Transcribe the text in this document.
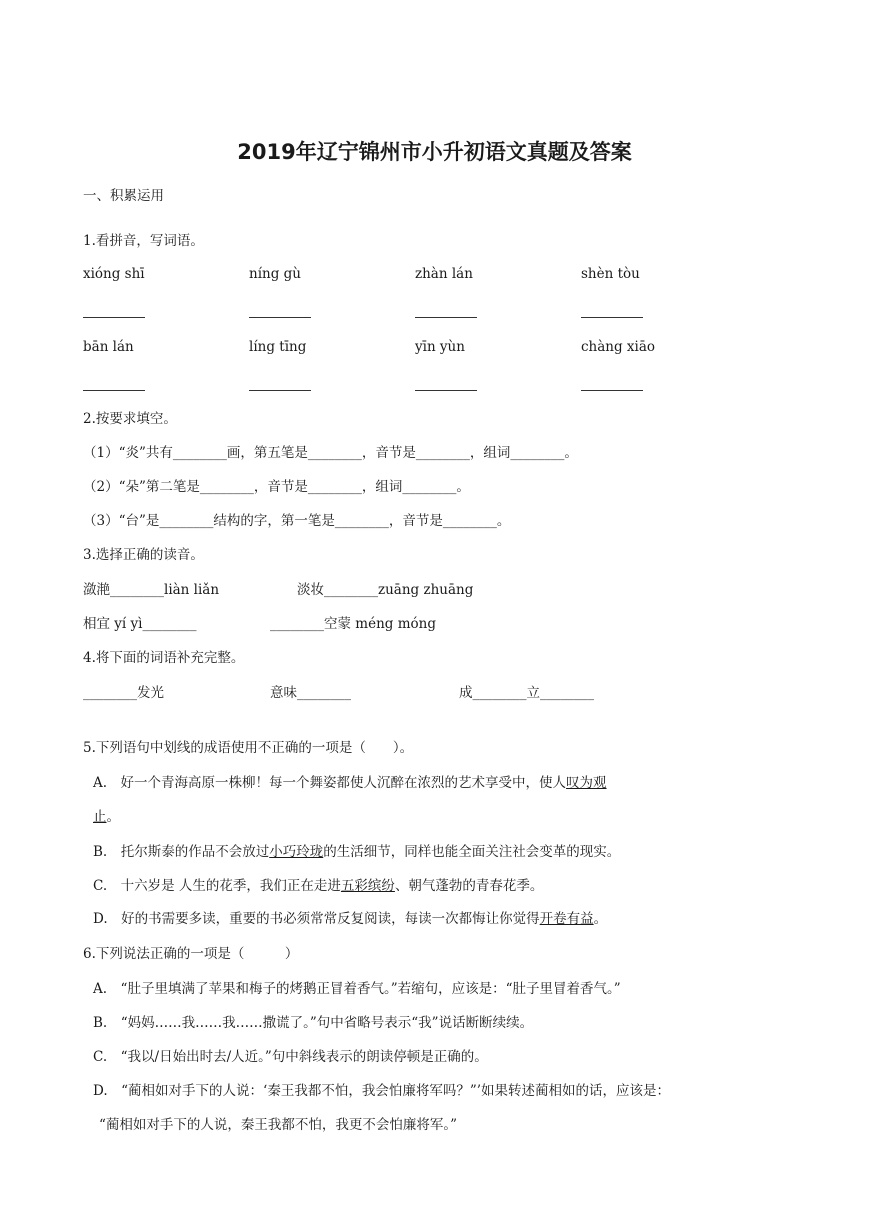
2019年辽宁锦州市小升初语文真题及答案
一、积累运用
1.看拼音，写词语。
xióng shī	níng gù	zhàn lán	shèn tòu
bān lán	líng tīng	yīn yùn	chàng xiāo
2.按要求填空。
（1）“炎”共有________画，第五笔是________，音节是________，组词________。
（2）“朵”第二笔是________，音节是________，组词________。
（3）“台”是________结构的字，第一笔是________，音节是________。
3.选择正确的读音。
潋滟________liàn liǎn	淡妆________zuāng zhuāng
相宜 yí yì________	________空蒙 méng móng
4.将下面的词语补充完整。
________发光	意味________	成________立________
5.下列语句中划线的成语使用不正确的一项是（　　）。
A.　好一个青海高原一株柳！每一个舞姿都使人沉醉在浓烈的艺术享受中，使人叹为观
止。
B.　托尔斯泰的作品不会放过小巧玲珑的生活细节，同样也能全面关注社会变革的现实。
C.　十六岁是 人生的花季，我们正在走进五彩缤纷、朝气蓬勃的青春花季。
D.　好的书需要多读，重要的书必须常常反复阅读，每读一次都悔让你觉得开卷有益。
6.下列说法正确的一项是（　　　）
A.　“肚子里填满了苹果和梅子的烤鹅正冒着香气。”若缩句，应该是：“肚子里冒着香气。”
B.　“妈妈……我……我……撒谎了。”句中省略号表示“我”说话断断续续。
C.　“我以/日始出时去/人近。”句中斜线表示的朗读停顿是正确的。
D.　“蔺相如对手下的人说：‘秦王我都不怕，我会怕廉将军吗？”’如果转述蔺相如的话，应该是：
“蔺相如对手下的人说，秦王我都不怕，我更不会怕廉将军。”
